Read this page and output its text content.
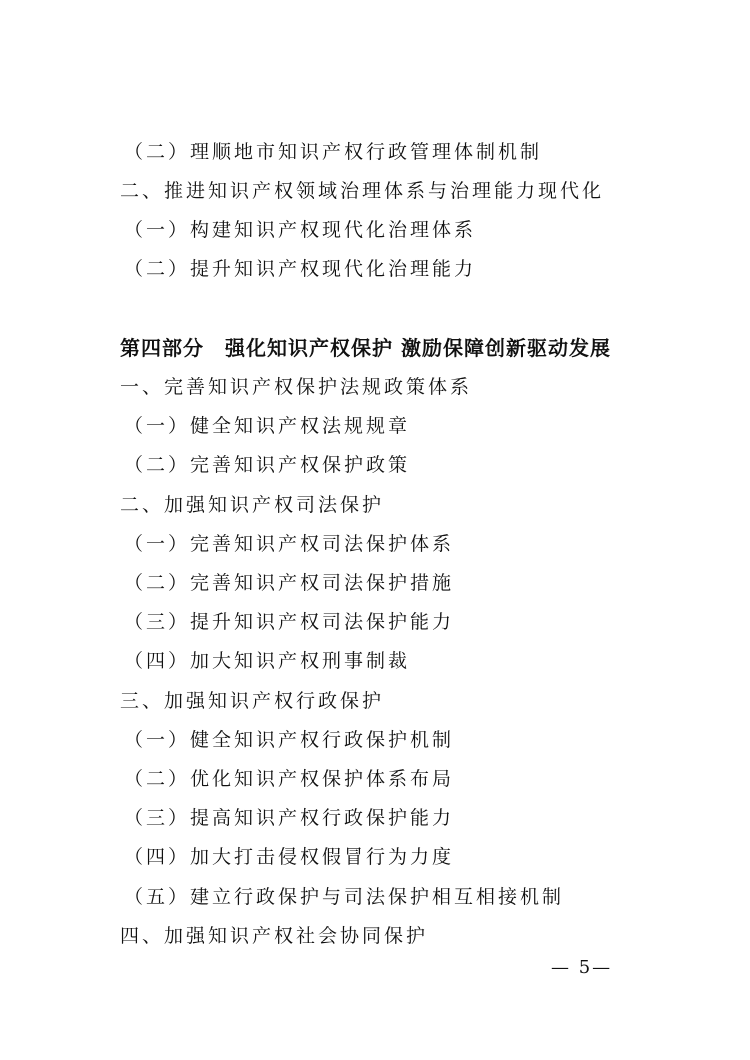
（二）理顺地市知识产权行政管理体制机制
二、推进知识产权领域治理体系与治理能力现代化
（一）构建知识产权现代化治理体系
（二）提升知识产权现代化治理能力
第四部分　强化知识产权保护 激励保障创新驱动发展
一、完善知识产权保护法规政策体系
（一）健全知识产权法规规章
（二）完善知识产权保护政策
二、加强知识产权司法保护
（一）完善知识产权司法保护体系
（二）完善知识产权司法保护措施
（三）提升知识产权司法保护能力
（四）加大知识产权刑事制裁
三、加强知识产权行政保护
（一）健全知识产权行政保护机制
（二）优化知识产权保护体系布局
（三）提高知识产权行政保护能力
（四）加大打击侵权假冒行为力度
（五）建立行政保护与司法保护相互相接机制
四、加强知识产权社会协同保护
— 5—
